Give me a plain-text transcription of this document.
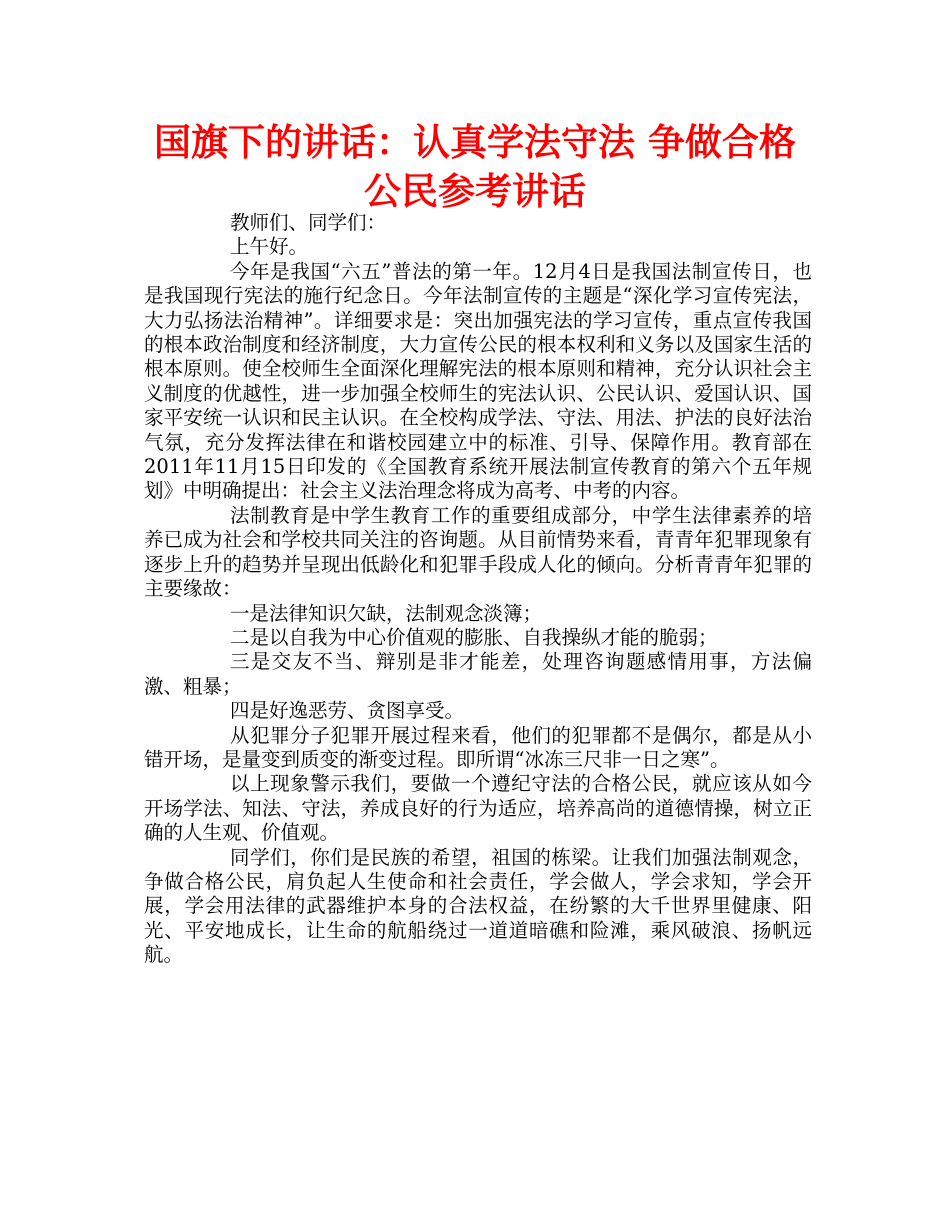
国旗下的讲话：认真学法守法 争做合格公民参考讲话

教师们、同学们：

上午好。

今年是我国“六五”普法的第一年。12月4日是我国法制宣传日，也是我国现行宪法的施行纪念日。今年法制宣传的主题是“深化学习宣传宪法，大力弘扬法治精神”。详细要求是：突出加强宪法的学习宣传，重点宣传我国的根本政治制度和经济制度，大力宣传公民的根本权利和义务以及国家生活的根本原则。使全校师生全面深化理解宪法的根本原则和精神，充分认识社会主义制度的优越性，进一步加强全校师生的宪法认识、公民认识、爱国认识、国家平安统一认识和民主认识。在全校构成学法、守法、用法、护法的良好法治气氛，充分发挥法律在和谐校园建立中的标准、引导、保障作用。教育部在2011年11月15日印发的《全国教育系统开展法制宣传教育的第六个五年规划》中明确提出：社会主义法治理念将成为高考、中考的内容。

法制教育是中学生教育工作的重要组成部分，中学生法律素养的培养已成为社会和学校共同关注的咨询题。从目前情势来看，青青年犯罪现象有逐步上升的趋势并呈现出低龄化和犯罪手段成人化的倾向。分析青青年犯罪的主要缘故：

一是法律知识欠缺，法制观念淡簿；

二是以自我为中心价值观的膨胀、自我操纵才能的脆弱；

三是交友不当、辩别是非才能差，处理咨询题感情用事，方法偏激、粗暴；

四是好逸恶劳、贪图享受。

从犯罪分子犯罪开展过程来看，他们的犯罪都不是偶尔，都是从小错开场，是量变到质变的渐变过程。即所谓“冰冻三尺非一日之寒”。

以上现象警示我们，要做一个遵纪守法的合格公民，就应该从如今开场学法、知法、守法，养成良好的行为适应，培养高尚的道德情操，树立正确的人生观、价值观。

同学们，你们是民族的希望，祖国的栋梁。让我们加强法制观念，争做合格公民，肩负起人生使命和社会责任，学会做人，学会求知，学会开展，学会用法律的武器维护本身的合法权益，在纷繁的大千世界里健康、阳光、平安地成长，让生命的航船绕过一道道暗礁和险滩，乘风破浪、扬帆远航。
